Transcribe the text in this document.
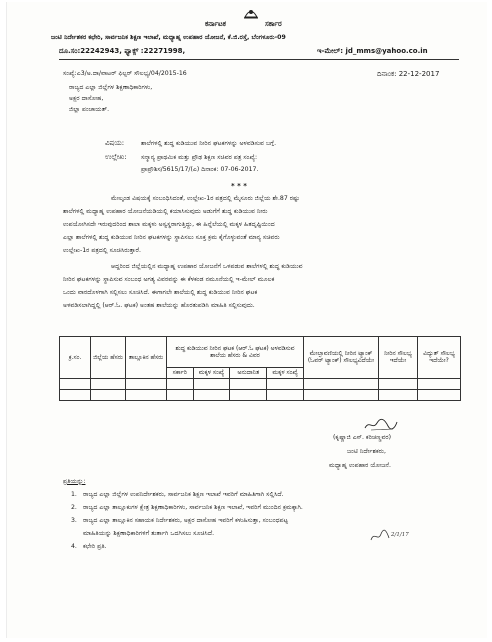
ಕರ್ನಾಟಕ	ಸರ್ಕಾರ
ಜಂಟಿ ನಿರ್ದೇಶಕರ ಕಛೇರಿ, ಸಾರ್ವಜನಿಕ ಶಿಕ್ಷಣ ಇಲಾಖೆ, ಮಧ್ಯಾಹ್ನ ಉಪಹಾರ ಯೋಜನೆ, ಕೆ.ಜಿ.ರಸ್ತೆ, ಬೆಂಗಳೂರು-09
ದೂ.ಸಂ:22242943, ಫ್ಯಾಕ್ಸ್ :22271998,	ಇ-ಮೇಲ್: jd_mms@yahoo.co.in
ಸಂಖ್ಯೆ:ಎ3/ಅ.ದಾ/ವಾಟರ್ ಫಿಲ್ಟರ್ ಸೌಲಭ್ಯ/04/2015-16	ದಿನಾಂಕ: 22-12-2017
ರಾಜ್ಯದ ಎಲ್ಲಾ ಜಿಲ್ಲೆಗಳ ಶಿಕ್ಷಣಾಧಿಕಾರಿಗಳು,
ಅಕ್ಷರ ದಾಸೋಹ,
ಜಿಲ್ಲಾ ಪಂಚಾಯತ್.
ವಿಷಯ:	ಶಾಲೆಗಳಲ್ಲಿ ಶುದ್ಧ ಕುಡಿಯುವ ನೀರಿನ ಘಟಕಗಳನ್ನು ಅಳವಡಿಸುವ ಬಗ್ಗೆ.
ಉಲ್ಲೇಖ: ಸನ್ಮಾನ್ಯ ಪ್ರಾಥಮಿಕ ಮತ್ತು ಪ್ರೌಢ ಶಿಕ್ಷಣ ಸಚಿವರ ಪತ್ರ ಸಂಖ್ಯೆ:
ಪ್ರಾಪ್ರೌಶಿಸ/5615/17/(ಎ) ದಿನಾಂಕ: 07-06-2017.
* * *
ಮೇಲ್ಕಂಡ ವಿಷಯಕ್ಕೆ ಸಂಬಂಧಿಸಿದಂತೆ, ಉಲ್ಲೇಖ-1ರ ಪತ್ರದಲ್ಲಿ ಮೈಸೂರು ಜಿಲ್ಲೆಯ ಶೇ.87 ರಷ್ಟು
ಶಾಲೆಗಳಲ್ಲಿ ಮಧ್ಯಾಹ್ನ ಉಪಹಾರ ಯೋಜನೆಯಡಿಯಲ್ಲಿ ಕಯಾಸಿಸುವುದು ಅಡುಗೆಗೆ ಶುದ್ಧ ಕುಡಿಯುವ ನೀರು
ಉಪಯೋಗಿಸದೇ ಇರುವುದರಿಂದ ಶಾಲಾ ಮಕ್ಕಳು ಅಸ್ವಸ್ಥರಾಗುತ್ತಿದ್ದು, ಈ ಹಿನ್ನೆಲೆಯಲ್ಲಿ ಮಕ್ಕಳ ಹಿತದೃಷ್ಟಿಯಿಂದ
ಎಲ್ಲಾ ಶಾಲೆಗಳಲ್ಲಿ ಶುದ್ಧ ಕುಡಿಯುವ ನೀರಿನ ಘಟಕಗಳನ್ನು ಸ್ಥಾಪಿಸಲು ಸೂಕ್ತ ಕ್ರಮ ಕೈಗೊಳ್ಳುವಂತೆ ಮಾನ್ಯ ಸಚಿವರು
ಉಲ್ಲೇಖ-1ರ ಪತ್ರದಲ್ಲಿ ಸೂಚಿಸಿರುತ್ತಾರೆ.
ಆದ್ದರಿಂದ ಜಿಲ್ಲೆಯಲ್ಲಿನ ಮಧ್ಯಾಹ್ನ ಉಪಹಾರ ಯೋಜನೆಗೆ ಒಳಪಡುವ ಶಾಲೆಗಳಲ್ಲಿ ಶುದ್ಧ ಕುಡಿಯುವ
ನೀರಿನ ಘಟಕಗಳನ್ನು ಸ್ಥಾಪಿಸುವ ಸಂಬಂಧ ಅಗತ್ಯ ವಿವರವನ್ನು ಈ ಕೆಳಕಂಡ ನಮೂನೆಯಲ್ಲಿ ಇ-ಮೇಲ್ ಮೂಲಕ
ಒಂದು ವಾರದೊಳಗಾಗಿ ಸಲ್ಲಿಸಲು ಸೂಚಿಸಿದೆ. ಈಗಾಗಲೇ ಶಾಲೆಯಲ್ಲಿ ಶುದ್ಧ ಕುಡಿಯುವ ನೀರಿನ ಘಟಕ
ಅಳವಡಿಸಲಾಗಿದ್ದಲ್ಲಿ (ಆರ್.ಓ. ಘಟಕ) ಅಂತಹ ಶಾಲೆಯನ್ನು ಹೊರತುಪಡಿಸಿ ಮಾಹಿತಿ ಸಲ್ಲಿಸುವುದು.
ಕ್ರ.ಸಂ.	ಜಿಲ್ಲೆಯ ಹೆಸರು	ತಾಲ್ಲೂಕಿನ ಹೆಸರು	ಶುದ್ಧ ಕುಡಿಯುವ ನೀರಿನ ಘಟಕ (ಆರ್.ಓ ಘಟಕ) ಅಳವಡಿಸುವ ಶಾಲೆಯ ಹೆಸರು & ವಿವರ				ಮೇಲ್ಛಾವಣಿಯಲ್ಲಿ ನೀರಿನ ಟ್ಯಾಂಕ್ (ಓವರ್ ಟ್ಯಾಂಕ್) ಸೌಲಭ್ಯವಿದೆಯೇ	ನೀರಿನ ಸೌಲಭ್ಯ ಇದೆಯೇ	ವಿದ್ಯುತ್ ಸೌಲಭ್ಯ ಇದೆಯೇ?
			ಸರ್ಕಾರಿ	ಮಕ್ಕಳ ಸಂಖ್ಯೆ	ಅನುದಾನಿತ	ಮಕ್ಕಳ ಸಂಖ್ಯೆ			

(ಕೃಷ್ಣಾಜಿ ಎಸ್. ಕರಿಚಣ್ಣವರ)
ಜಂಟಿ ನಿರ್ದೇಶಕರು,
ಮಧ್ಯಾಹ್ನ ಉಪಹಾರ ಯೋಜನೆ.
ಪ್ರತಿಯನ್ನು:
1. ರಾಜ್ಯದ ಎಲ್ಲಾ ಜಿಲ್ಲೆಗಳ ಉಪನಿರ್ದೇಶಕರು, ಸಾರ್ವಜನಿಕ ಶಿಕ್ಷಣ ಇಲಾಖೆ ಇವರಿಗೆ ಮಾಹಿತಿಗಾಗಿ ಸಲ್ಲಿಸಿದೆ.
2. ರಾಜ್ಯದ ಎಲ್ಲಾ ತಾಲ್ಲೂಕುಗಳ ಕ್ಷೇತ್ರ ಶಿಕ್ಷಣಾಧಿಕಾರಿಗಳು, ಸಾರ್ವಜನಿಕ ಶಿಕ್ಷಣ ಇಲಾಖೆ, ಇವರಿಗೆ ಮುಂದಿನ ಕ್ರಮಕ್ಕಾಗಿ.
3. ರಾಜ್ಯದ ಎಲ್ಲಾ ತಾಲ್ಲೂಕಿನ ಸಹಾಯಕ ನಿರ್ದೇಶಕರು, ಅಕ್ಷರ ದಾಸೋಹ ಇವರಿಗೆ ಕಳುಹಿಸುತ್ತಾ, ಸಂಬಂಧಪಟ್ಟ
ಮಾಹಿತಿಯನ್ನು ಶಿಕ್ಷಣಾಧಿಕಾರಿಗಳಿಗೆ ತುರ್ತಾಗಿ ಒದಗಿಸಲು ಸೂಚಿಸಿದೆ.
4. ಕಛೇರಿ ಪ್ರತಿ.
2/1/17
